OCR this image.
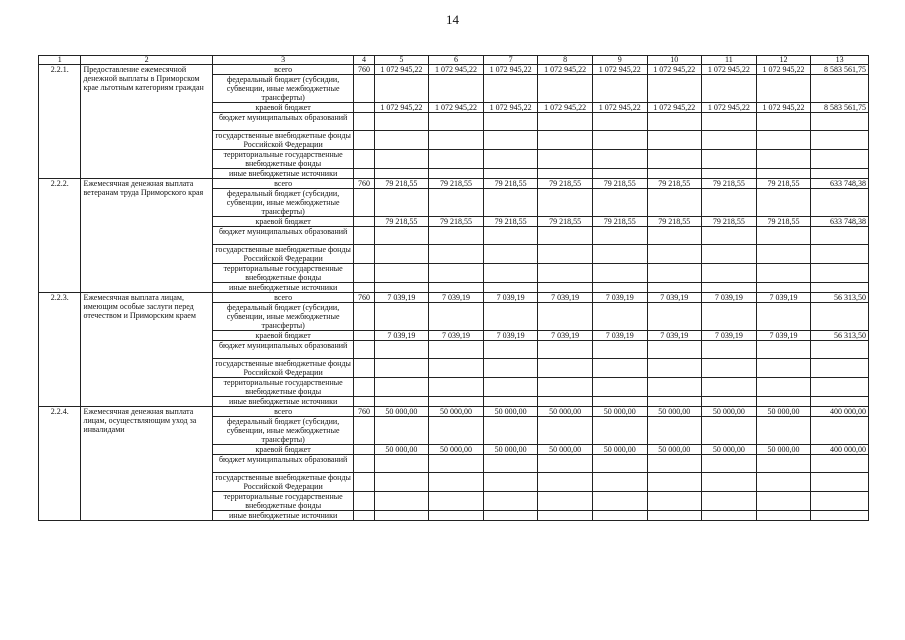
14
1	2	3	4	5	6	7	8	9	10	11	12	13
2.2.1.	Предоставление ежемесячной денежной выплаты в Приморском крае льготным категориям граждан	всего	760	1 072 945,22	1 072 945,22	1 072 945,22	1 072 945,22	1 072 945,22	1 072 945,22	1 072 945,22	1 072 945,22	8 583 561,75
		федеральный бюджет (субсидии, субвенции, иные межбюджетные трансферты)										
		краевой бюджет		1 072 945,22	1 072 945,22	1 072 945,22	1 072 945,22	1 072 945,22	1 072 945,22	1 072 945,22	1 072 945,22	8 583 561,75
		бюджет муниципальных образований										
		государственные внебюджетные фонды Российской Федерации										
		территориальные государственные внебюджетные фонды										
		иные внебюджетные источники										
2.2.2.	Ежемесячная денежная выплата ветеранам труда Приморского края	всего	760	79 218,55	79 218,55	79 218,55	79 218,55	79 218,55	79 218,55	79 218,55	79 218,55	633 748,38
		федеральный бюджет (субсидии, субвенции, иные межбюджетные трансферты)										
		краевой бюджет		79 218,55	79 218,55	79 218,55	79 218,55	79 218,55	79 218,55	79 218,55	79 218,55	633 748,38
		бюджет муниципальных образований										
		государственные внебюджетные фонды Российской Федерации										
		территориальные государственные внебюджетные фонды										
		иные внебюджетные источники										
2.2.3.	Ежемесячная выплата лицам, имеющим особые заслуги перед отечеством и Приморским краем	всего	760	7 039,19	7 039,19	7 039,19	7 039,19	7 039,19	7 039,19	7 039,19	7 039,19	56 313,50
		федеральный бюджет (субсидии, субвенции, иные межбюджетные трансферты)										
		краевой бюджет		7 039,19	7 039,19	7 039,19	7 039,19	7 039,19	7 039,19	7 039,19	7 039,19	56 313,50
		бюджет муниципальных образований										
		государственные внебюджетные фонды Российской Федерации										
		территориальные государственные внебюджетные фонды										
		иные внебюджетные источники										
2.2.4.	Ежемесячная денежная выплата лицам, осуществляющим уход за инвалидами	всего	760	50 000,00	50 000,00	50 000,00	50 000,00	50 000,00	50 000,00	50 000,00	50 000,00	400 000,00
		федеральный бюджет (субсидии, субвенции, иные межбюджетные трансферты)										
		краевой бюджет		50 000,00	50 000,00	50 000,00	50 000,00	50 000,00	50 000,00	50 000,00	50 000,00	400 000,00
		бюджет муниципальных образований										
		государственные внебюджетные фонды Российской Федерации										
		территориальные государственные внебюджетные фонды										
		иные внебюджетные источники										
